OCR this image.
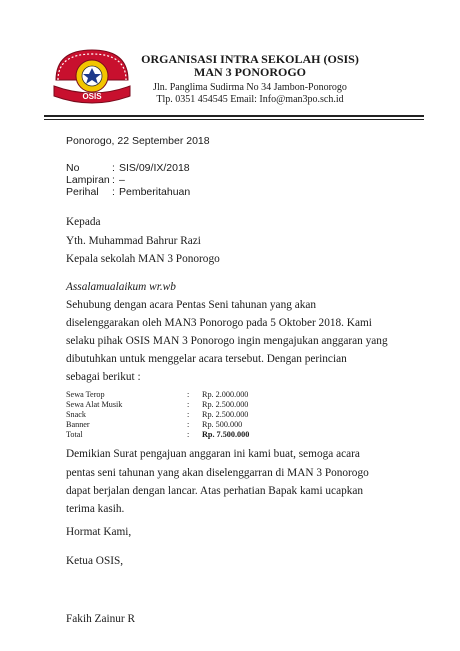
OSIS
ORGANISASI INTRA SEKOLAH (OSIS)
MAN 3 PONOROGO
Jln. Panglima Sudirma No 34 Jambon-Ponorogo
Tlp. 0351 454545 Email: Info@man3po.sch.id
Ponorogo, 22 September 2018
No	: SIS/09/IX/2018
Lampiran : –
Perihal : Pemberitahuan
Kepada
Yth. Muhammad Bahrur Razi
Kepala sekolah MAN 3 Ponorogo
Assalamualaikum wr.wb
Sehubung dengan acara Pentas Seni tahunan yang akan
diselenggarakan oleh MAN3 Ponorogo pada 5 Oktober 2018. Kami
selaku pihak OSIS MAN 3 Ponorogo ingin mengajukan anggaran yang
dibutuhkan untuk menggelar acara tersebut. Dengan perincian
sebagai berikut :
Sewa Terop	: Rp. 2.000.000
Sewa Alat Musik	: Rp. 2.500.000
Snack	: Rp. 2.500.000
Banner	: Rp. 500.000
Total	: Rp. 7.500.000
Demikian Surat pengajuan anggaran ini kami buat, semoga acara
pentas seni tahunan yang akan diselenggarran di MAN 3 Ponorogo
dapat berjalan dengan lancar. Atas perhatian Bapak kami ucapkan
terima kasih.
Hormat Kami,
Ketua OSIS,
Fakih Zainur R
